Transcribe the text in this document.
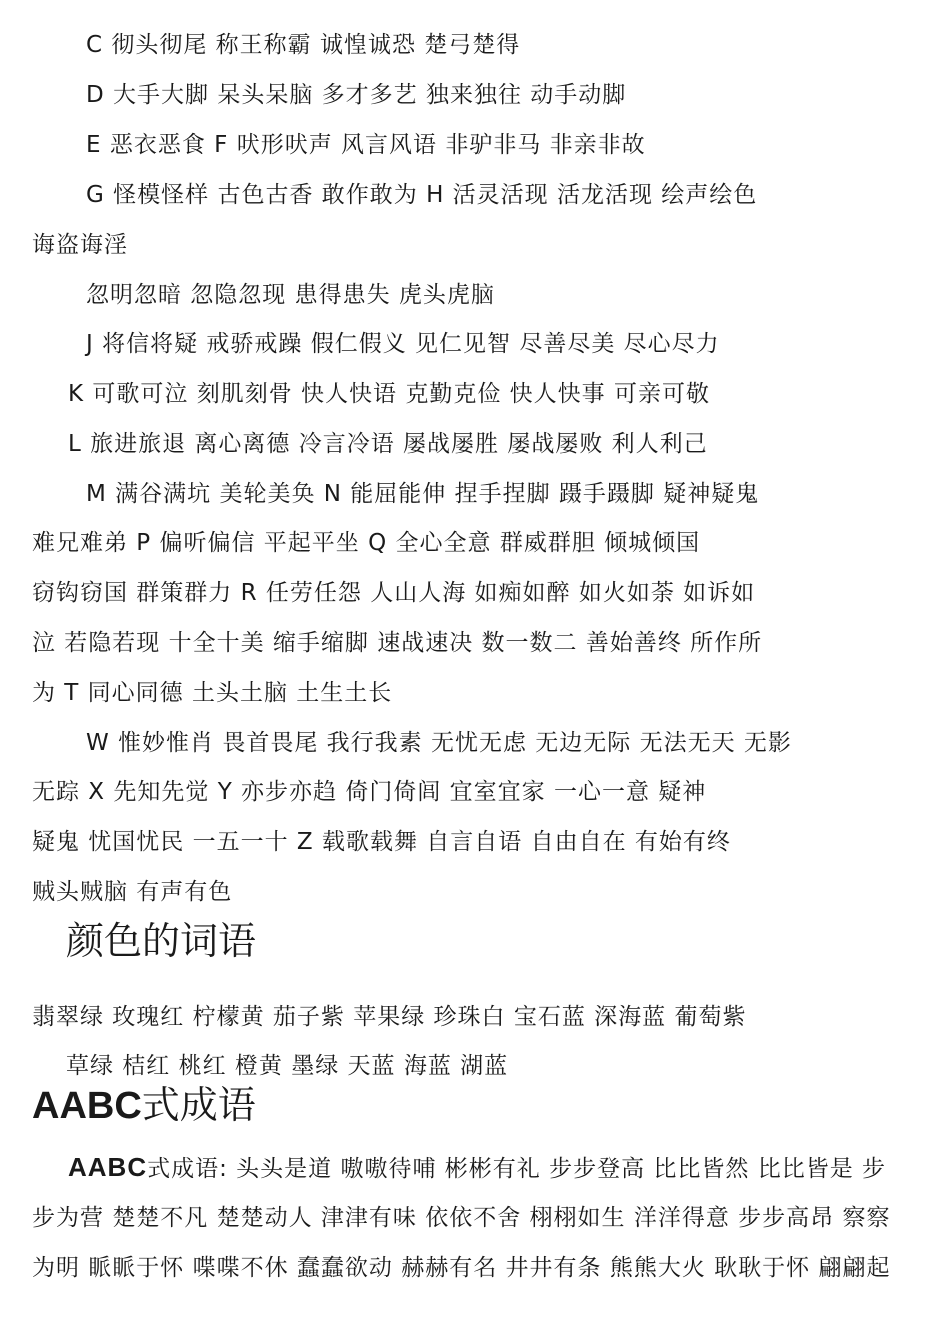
C 彻头彻尾 称王称霸 诚惶诚恐 楚弓楚得
D 大手大脚 呆头呆脑 多才多艺 独来独往 动手动脚
E 恶衣恶食 F 吠形吠声 风言风语 非驴非马 非亲非故
G 怪模怪样 古色古香 敢作敢为 H 活灵活现 活龙活现 绘声绘色
诲盗诲淫
忽明忽暗 忽隐忽现 患得患失 虎头虎脑
J 将信将疑 戒骄戒躁 假仁假义 见仁见智 尽善尽美 尽心尽力
K 可歌可泣 刻肌刻骨 快人快语 克勤克俭 快人快事 可亲可敬
L 旅进旅退 离心离德 冷言冷语 屡战屡胜 屡战屡败 利人利己
M 满谷满坑 美轮美奂 N 能屈能伸 捏手捏脚 蹑手蹑脚 疑神疑鬼
难兄难弟 P 偏听偏信 平起平坐 Q 全心全意 群威群胆 倾城倾国
窃钩窃国 群策群力 R 任劳任怨 人山人海 如痴如醉 如火如荼 如诉如
泣 若隐若现 十全十美 缩手缩脚 速战速决 数一数二 善始善终 所作所
为 T 同心同德 土头土脑 土生土长
W 惟妙惟肖 畏首畏尾 我行我素 无忧无虑 无边无际 无法无天 无影
无踪 X 先知先觉 Y 亦步亦趋 倚门倚闾 宜室宜家 一心一意 疑神
疑鬼 忧国忧民 一五一十 Z 载歌载舞 自言自语 自由自在 有始有终
贼头贼脑 有声有色
颜色的词语
翡翠绿 玫瑰红 柠檬黄 茄子紫 苹果绿 珍珠白 宝石蓝 深海蓝 葡萄紫
草绿 桔红 桃红 橙黄 墨绿 天蓝 海蓝 湖蓝
AABC式成语
AABC式成语: 头头是道 嗷嗷待哺 彬彬有礼 步步登高 比比皆然 比比皆是 步
步为营 楚楚不凡 楚楚动人 津津有味 依依不舍 栩栩如生 洋洋得意 步步高昂 察察
为明 眽眽于怀 喋喋不休 蠢蠢欲动 赫赫有名 井井有条 熊熊大火 耿耿于怀 翩翩起
